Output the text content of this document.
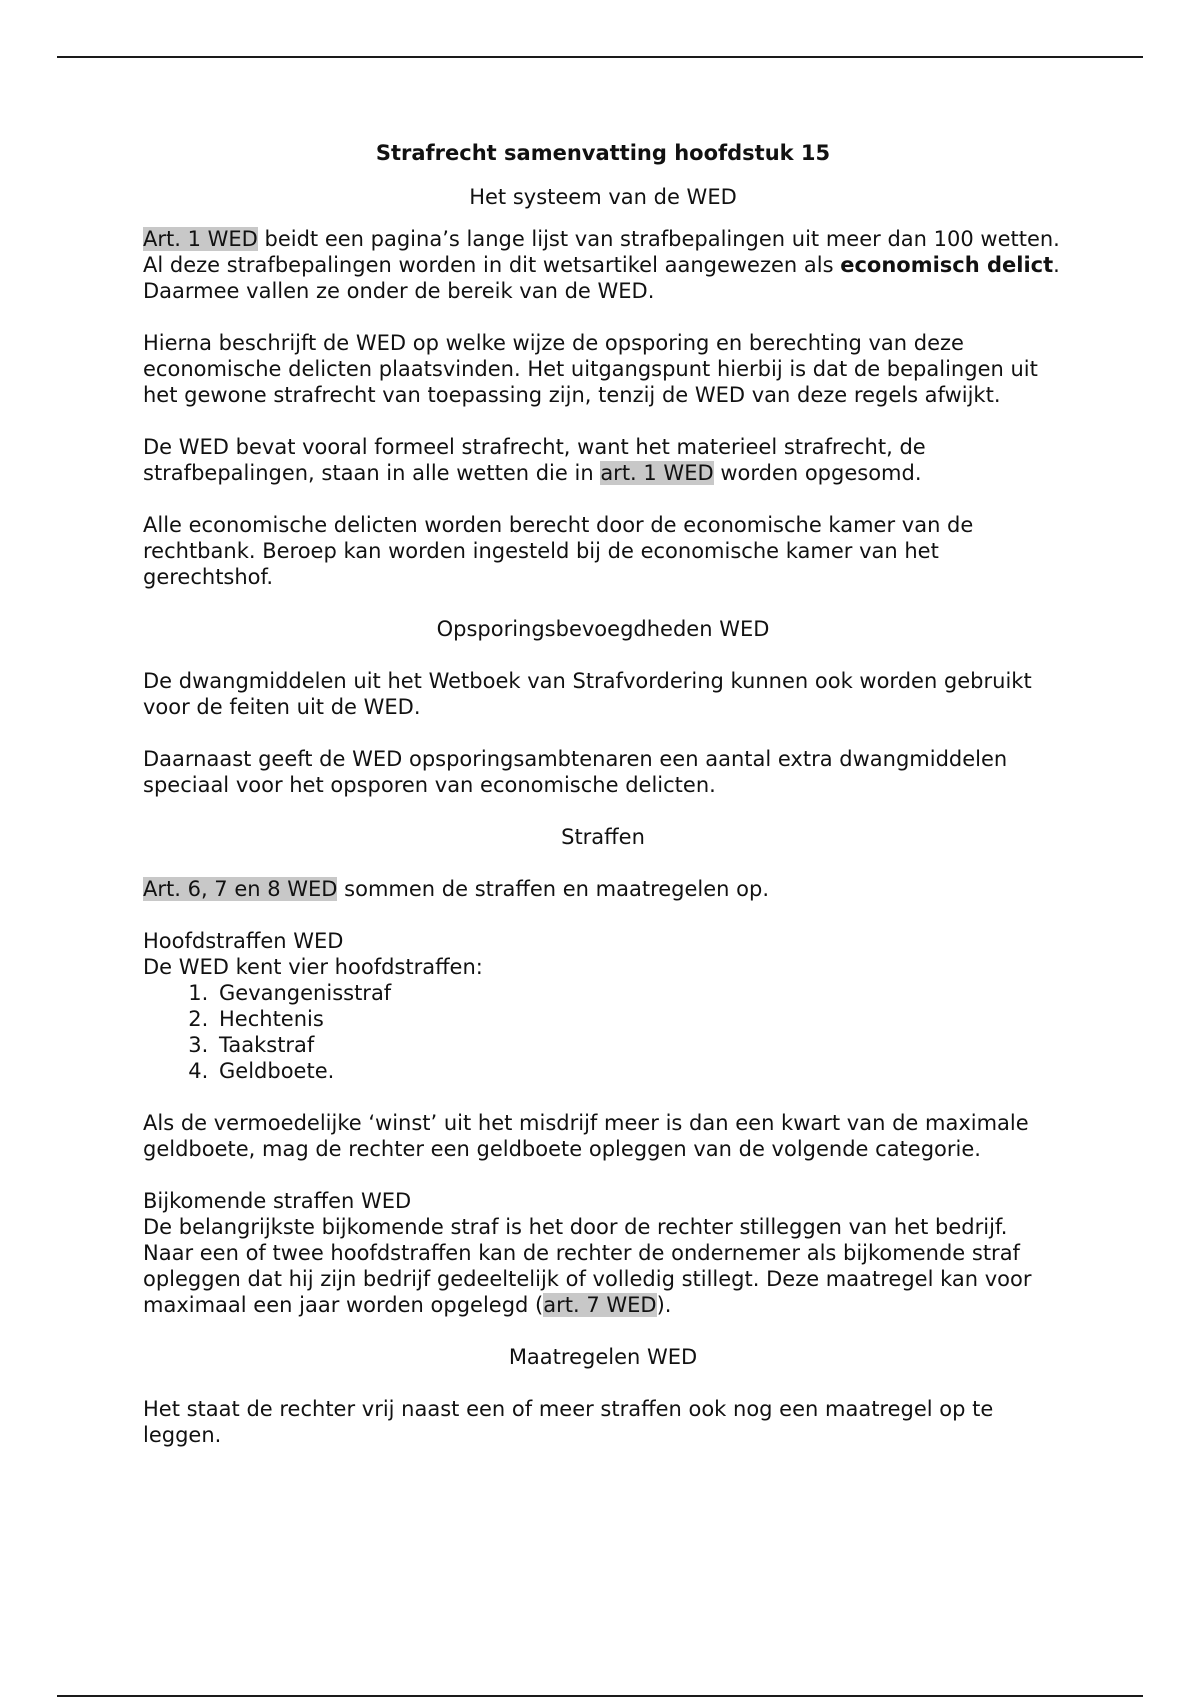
Strafrecht samenvatting hoofdstuk 15
Het systeem van de WED

Art. 1 WED beidt een pagina’s lange lijst van strafbepalingen uit meer dan 100 wetten. Al deze strafbepalingen worden in dit wetsartikel aangewezen als economisch delict. Daarmee vallen ze onder de bereik van de WED.

Hierna beschrijft de WED op welke wijze de opsporing en berechting van deze economische delicten plaatsvinden. Het uitgangspunt hierbij is dat de bepalingen uit het gewone strafrecht van toepassing zijn, tenzij de WED van deze regels afwijkt.

De WED bevat vooral formeel strafrecht, want het materieel strafrecht, de strafbepalingen, staan in alle wetten die in art. 1 WED worden opgesomd.

Alle economische delicten worden berecht door de economische kamer van de rechtbank. Beroep kan worden ingesteld bij de economische kamer van het gerechtshof.

Opsporingsbevoegdheden WED

De dwangmiddelen uit het Wetboek van Strafvordering kunnen ook worden gebruikt voor de feiten uit de WED.

Daarnaast geeft de WED opsporingsambtenaren een aantal extra dwangmiddelen speciaal voor het opsporen van economische delicten.

Straffen

Art. 6, 7 en 8 WED sommen de straffen en maatregelen op.

Hoofdstraffen WED
De WED kent vier hoofdstraffen:
1. Gevangenisstraf
2. Hechtenis
3. Taakstraf
4. Geldboete.

Als de vermoedelijke ‘winst’ uit het misdrijf meer is dan een kwart van de maximale geldboete, mag de rechter een geldboete opleggen van de volgende categorie.

Bijkomende straffen WED

De belangrijkste bijkomende straf is het door de rechter stilleggen van het bedrijf. Naar een of twee hoofdstraffen kan de rechter de ondernemer als bijkomende straf opleggen dat hij zijn bedrijf gedeeltelijk of volledig stillegt. Deze maatregel kan voor maximaal een jaar worden opgelegd (art. 7 WED).

Maatregelen WED

Het staat de rechter vrij naast een of meer straffen ook nog een maatregel op te leggen.
